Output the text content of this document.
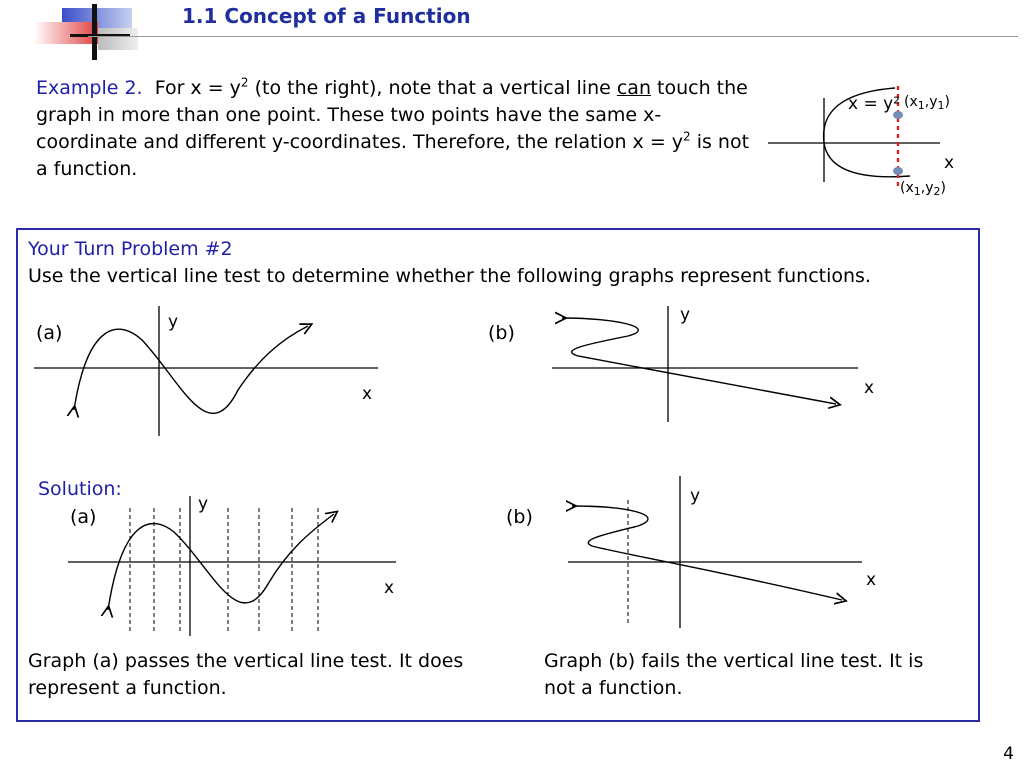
1.1 Concept of a Function
Example 2. For $x = y^2$ (to the right), note that a vertical line can touch the graph in more than one point. These two points have the same x-coordinate and different y-coordinates. Therefore, the relation $x = y^2$ is not a function.
x = y² $(x_1,y_1)$
x
$(x_1,y_2)$
Your Turn Problem #2
Use the vertical line test to determine whether the following graphs represent functions.
(a)	y
x
(b)
y
x
Solution:
(a)
y
x
(b)
y
x
Graph (a) passes the vertical line test. It does represent a function.
Graph (b) fails the vertical line test. It is not a function.
4
